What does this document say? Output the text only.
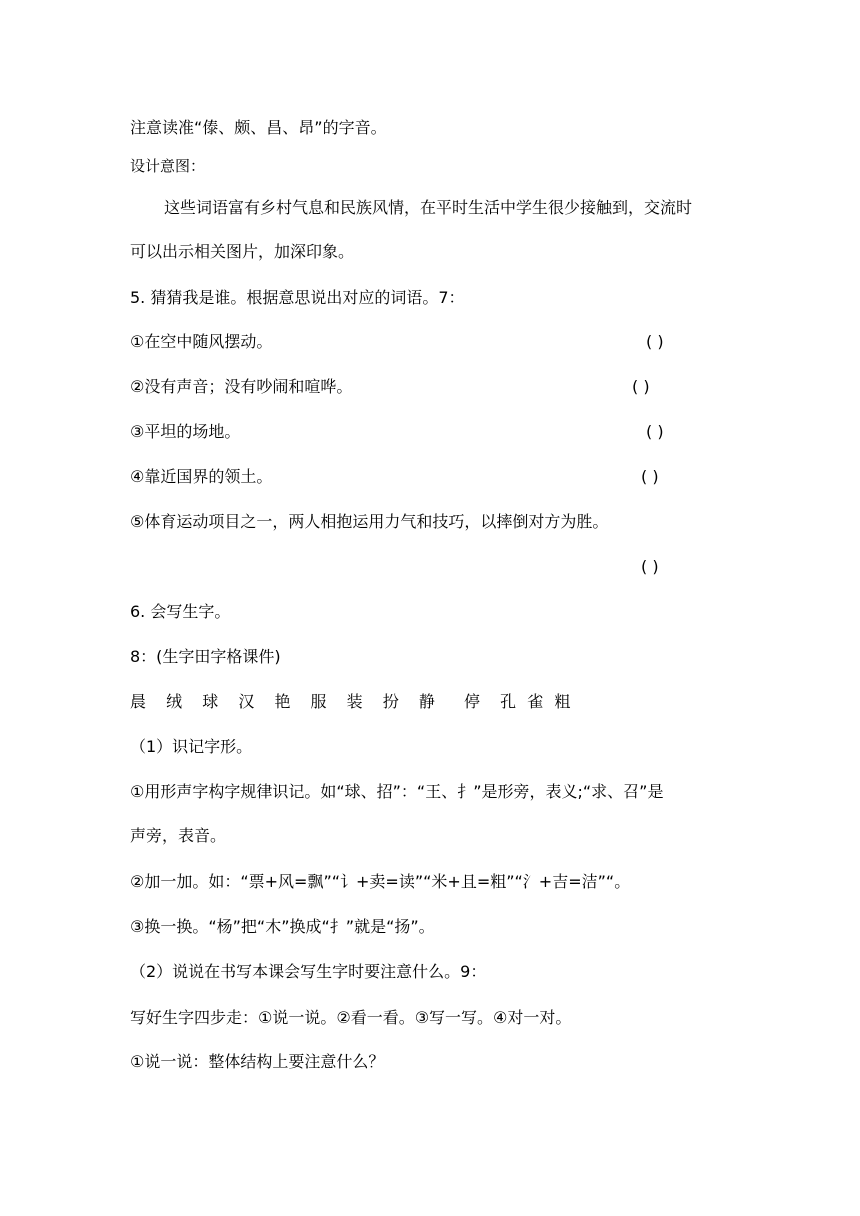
注意读准“傣、颇、昌、昂”的字音。
设计意图：
这些词语富有乡村气息和民族风情，在平时生活中学生很少接触到，交流时
可以出示相关图片，加深印象。
5. 猜猜我是谁。根据意思说出对应的词语。7：
①在空中随风摆动。	( )
②没有声音；没有吵闹和喧哗。	( )
③平坦的场地。	( )
④靠近国界的领土。	( )
⑤体育运动项目之一，两人相抱运用力气和技巧，以摔倒对方为胜。
( )
6. 会写生字。
8：(生字田字格课件)
晨 绒 球 汉 艳 服 装 扮 静 停 孔 雀 粗
（1）识记字形。
①用形声字构字规律识记。如“球、招”：“王、扌”是形旁，表义;“求、召”是
声旁，表音。
②加一加。如：“票+风=飘”“讠+卖=读”“米+且=粗”“氵+吉=洁”“。
③换一换。“杨”把“木”换成“扌”就是“扬”。
（2）说说在书写本课会写生字时要注意什么。9：
写好生字四步走：①说一说。②看一看。③写一写。④对一对。
①说一说：整体结构上要注意什么？
